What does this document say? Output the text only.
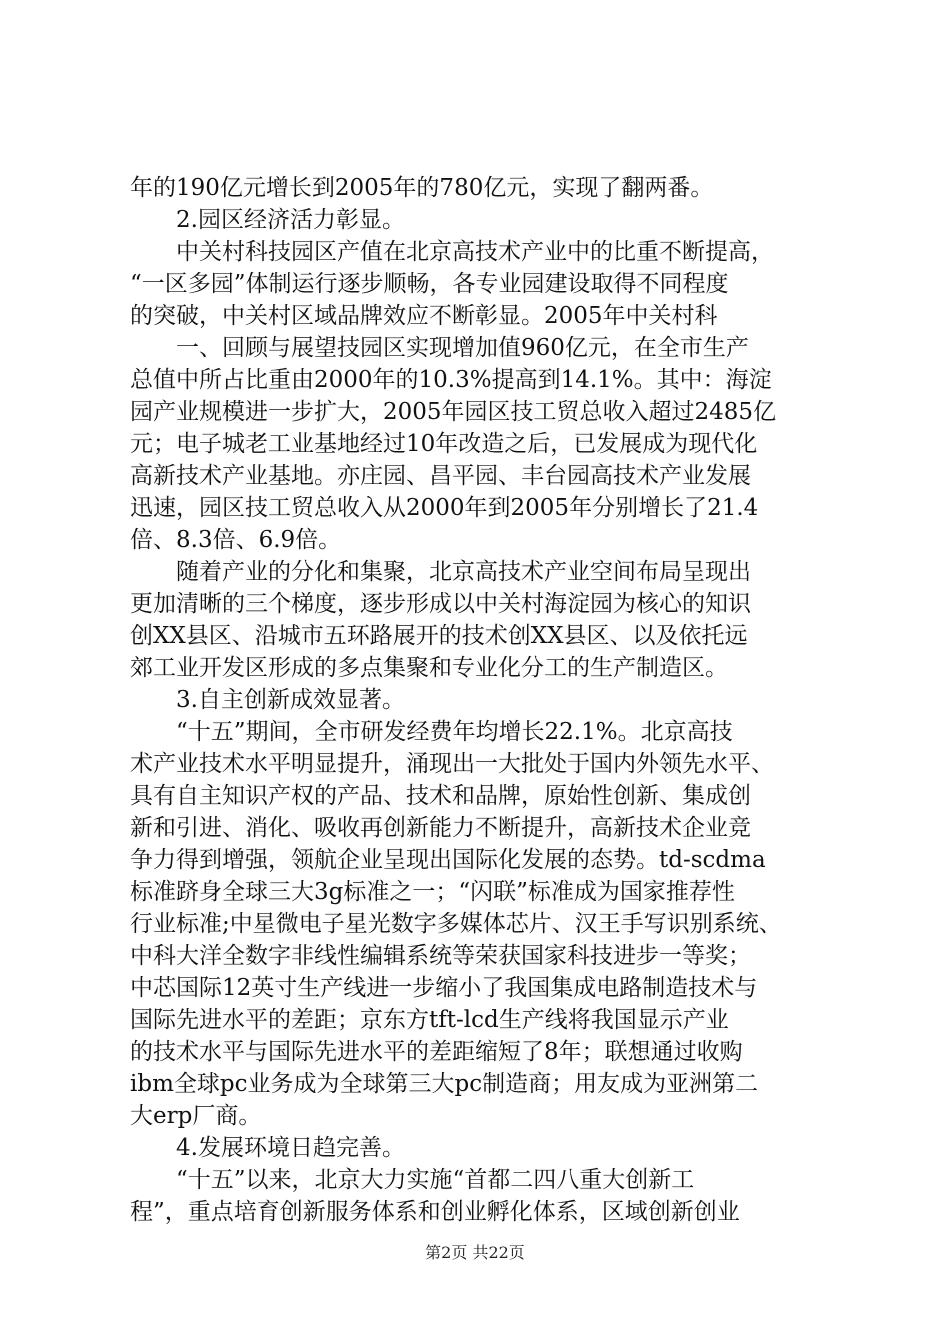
年的190亿元增长到2005年的780亿元，实现了翻两番。
　　2.园区经济活力彰显。
　　中关村科技园区产值在北京高技术产业中的比重不断提高，
“一区多园”体制运行逐步顺畅，各专业园建设取得不同程度
的突破，中关村区域品牌效应不断彰显。2005年中关村科
　　一、回顾与展望技园区实现增加值960亿元，在全市生产
总值中所占比重由2000年的10.3%提高到14.1%。其中：海淀
园产业规模进一步扩大，2005年园区技工贸总收入超过2485亿
元；电子城老工业基地经过10年改造之后，已发展成为现代化
高新技术产业基地。亦庄园、昌平园、丰台园高技术产业发展
迅速，园区技工贸总收入从2000年到2005年分别增长了21.4
倍、8.3倍、6.9倍。
　　随着产业的分化和集聚，北京高技术产业空间布局呈现出
更加清晰的三个梯度，逐步形成以中关村海淀园为核心的知识
创XX县区、沿城市五环路展开的技术创XX县区、以及依托远
郊工业开发区形成的多点集聚和专业化分工的生产制造区。
　　3.自主创新成效显著。
　　“十五”期间，全市研发经费年均增长22.1%。北京高技
术产业技术水平明显提升，涌现出一大批处于国内外领先水平、
具有自主知识产权的产品、技术和品牌，原始性创新、集成创
新和引进、消化、吸收再创新能力不断提升，高新技术企业竞
争力得到增强，领航企业呈现出国际化发展的态势。td-scdma
标准跻身全球三大3g标准之一；“闪联”标准成为国家推荐性
行业标准;中星微电子星光数字多媒体芯片、汉王手写识别系统、
中科大洋全数字非线性编辑系统等荣获国家科技进步一等奖；
中芯国际12英寸生产线进一步缩小了我国集成电路制造技术与
国际先进水平的差距；京东方tft-lcd生产线将我国显示产业
的技术水平与国际先进水平的差距缩短了8年；联想通过收购
ibm全球pc业务成为全球第三大pc制造商；用友成为亚洲第二
大erp厂商。
　　4.发展环境日趋完善。
　　“十五”以来，北京大力实施“首都二四八重大创新工
程”，重点培育创新服务体系和创业孵化体系，区域创新创业
第2页 共22页
